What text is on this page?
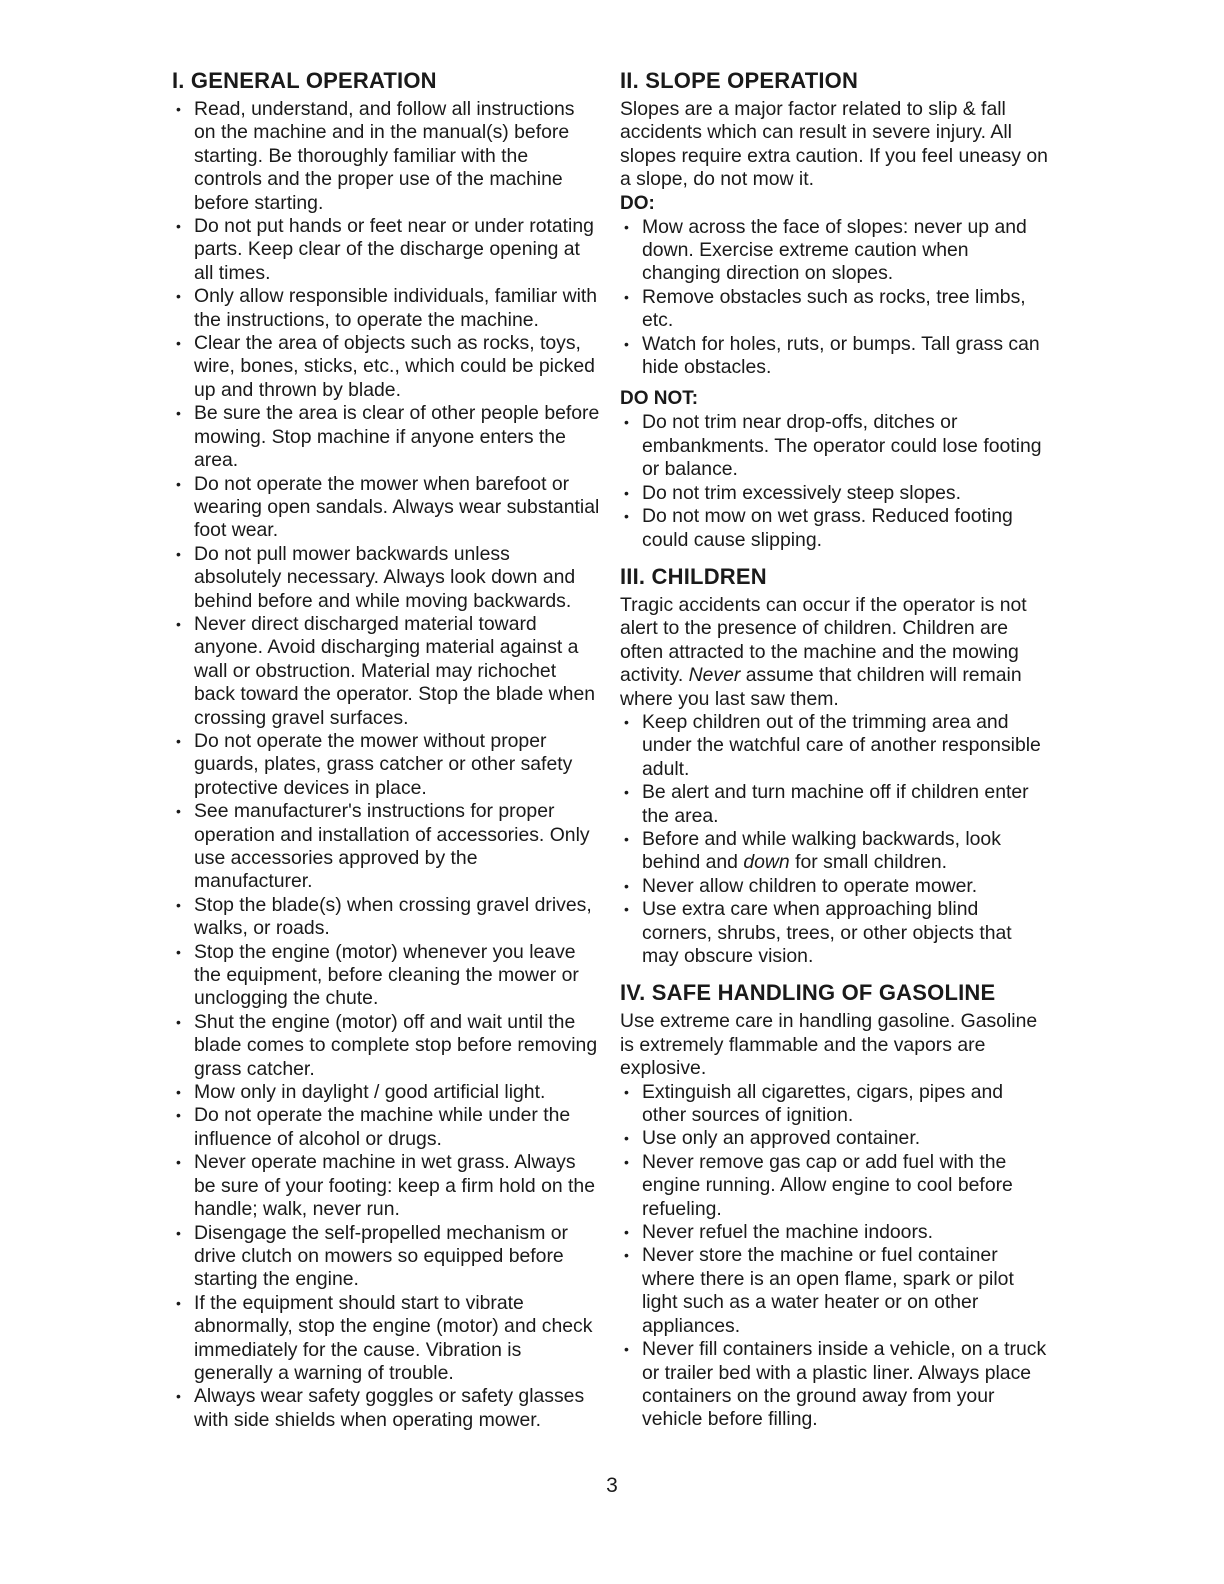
I. GENERAL OPERATION
• Read, understand, and follow all instructions on the machine and in the manual(s) before starting. Be thoroughly familiar with the controls and the proper use of the machine before starting.
• Do not put hands or feet near or under rotating parts. Keep clear of the discharge opening at all times.
• Only allow responsible individuals, familiar with the instructions, to operate the machine.
• Clear the area of objects such as rocks, toys, wire, bones, sticks, etc., which could be picked up and thrown by blade.
• Be sure the area is clear of other people before mowing. Stop machine if anyone enters the area.
• Do not operate the mower when barefoot or wearing open sandals. Always wear substantial foot wear.
• Do not pull mower backwards unless absolutely necessary. Always look down and behind before and while moving backwards.
• Never direct discharged material toward anyone. Avoid discharging material against a wall or obstruction. Material may richochet back toward the operator. Stop the blade when crossing gravel surfaces.
• Do not operate the mower without proper guards, plates, grass catcher or other safety protective devices in place.
• See manufacturer's instructions for proper operation and installation of accessories. Only use accessories approved by the manufacturer.
• Stop the blade(s) when crossing gravel drives, walks, or roads.
• Stop the engine (motor) whenever you leave the equipment, before cleaning the mower or unclogging the chute.
• Shut the engine (motor) off and wait until the blade comes to complete stop before removing grass catcher.
• Mow only in daylight / good artificial light.
• Do not operate the machine while under the influence of alcohol or drugs.
• Never operate machine in wet grass. Always be sure of your footing: keep a firm hold on the handle; walk, never run.
• Disengage the self-propelled mechanism or drive clutch on mowers so equipped before starting the engine.
• If the equipment should start to vibrate abnormally, stop the engine (motor) and check immediately for the cause. Vibration is generally a warning of trouble.
• Always wear safety goggles or safety glasses with side shields when operating mower.
II. SLOPE OPERATION

Slopes are a major factor related to slip & fall accidents which can result in severe injury. All slopes require extra caution. If you feel uneasy on a slope, do not mow it.

DO:

• Mow across the face of slopes: never up and down. Exercise extreme caution when changing direction on slopes.
• Remove obstacles such as rocks, tree limbs, etc.
• Watch for holes, ruts, or bumps. Tall grass can hide obstacles.

DO NOT:

• Do not trim near drop-offs, ditches or embankments. The operator could lose footing or balance.
• Do not trim excessively steep slopes.
• Do not mow on wet grass. Reduced footing could cause slipping.
III. CHILDREN

Tragic accidents can occur if the operator is not alert to the presence of children. Children are often attracted to the machine and the mowing activity. Never assume that children will remain where you last saw them.

• Keep children out of the trimming area and under the watchful care of another responsible adult.
• Be alert and turn machine off if children enter the area.
• Before and while walking backwards, look behind and down for small children.
• Never allow children to operate mower.
• Use extra care when approaching blind corners, shrubs, trees, or other objects that may obscure vision.
IV. SAFE HANDLING OF GASOLINE

Use extreme care in handling gasoline. Gasoline is extremely flammable and the vapors are explosive.

• Extinguish all cigarettes, cigars, pipes and other sources of ignition.
• Use only an approved container.
• Never remove gas cap or add fuel with the engine running. Allow engine to cool before refueling.
• Never refuel the machine indoors.
• Never store the machine or fuel container where there is an open flame, spark or pilot light such as a water heater or on other appliances.
• Never fill containers inside a vehicle, on a truck or trailer bed with a plastic liner. Always place containers on the ground away from your vehicle before filling.
3
